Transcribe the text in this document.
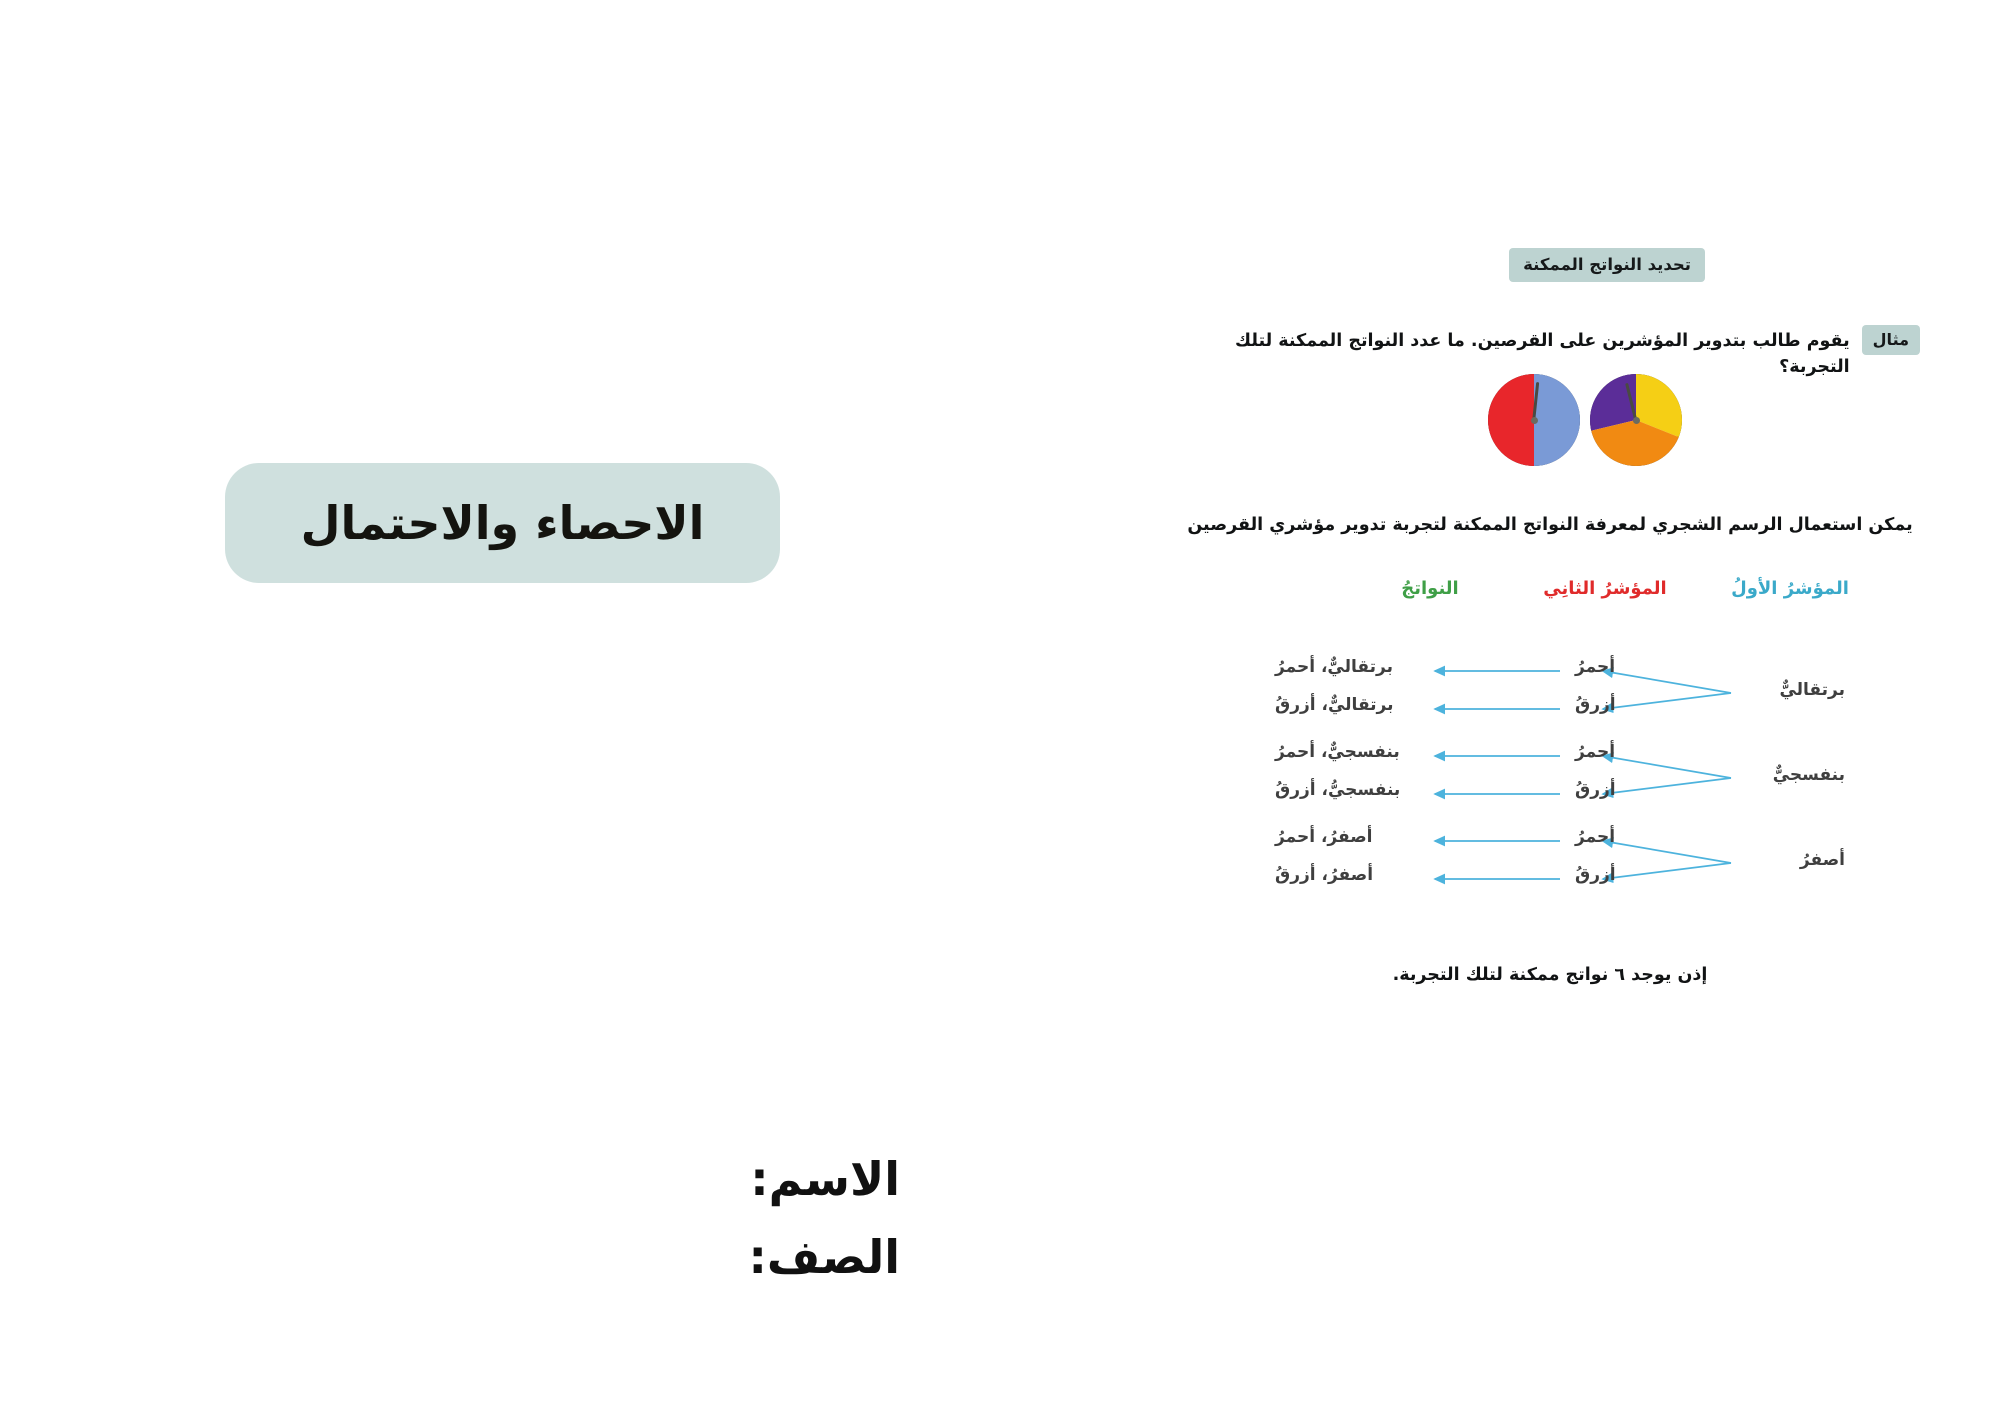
الاحصاء والاحتمال
الاسم:
الصف:
تحديد النواتج الممكنة
مثال
يقوم طالب بتدوير المؤشرين على القرصين. ما عدد النواتج الممكنة لتلك التجربة؟
يمكن استعمال الرسم الشجري لمعرفة النواتج الممكنة لتجربة تدوير مؤشري القرصين
المؤشرُ الأولُ
المؤشرُ الثانِي
النواتجُ
برتقاليٌّ
بنفسجيٌّ
أصفرُ
أحمرُ
أزرقُ
أحمرُ
أزرقُ
أحمرُ
أزرقُ
برتقاليٌّ، أحمرُ
برتقاليٌّ، أزرقُ
بنفسجيٌّ، أحمرُ
بنفسجيُّ، أزرقُ
أصفرُ، أحمرُ
أصفرُ، أزرقُ
إذن يوجد ٦ نواتج ممكنة لتلك التجربة.
